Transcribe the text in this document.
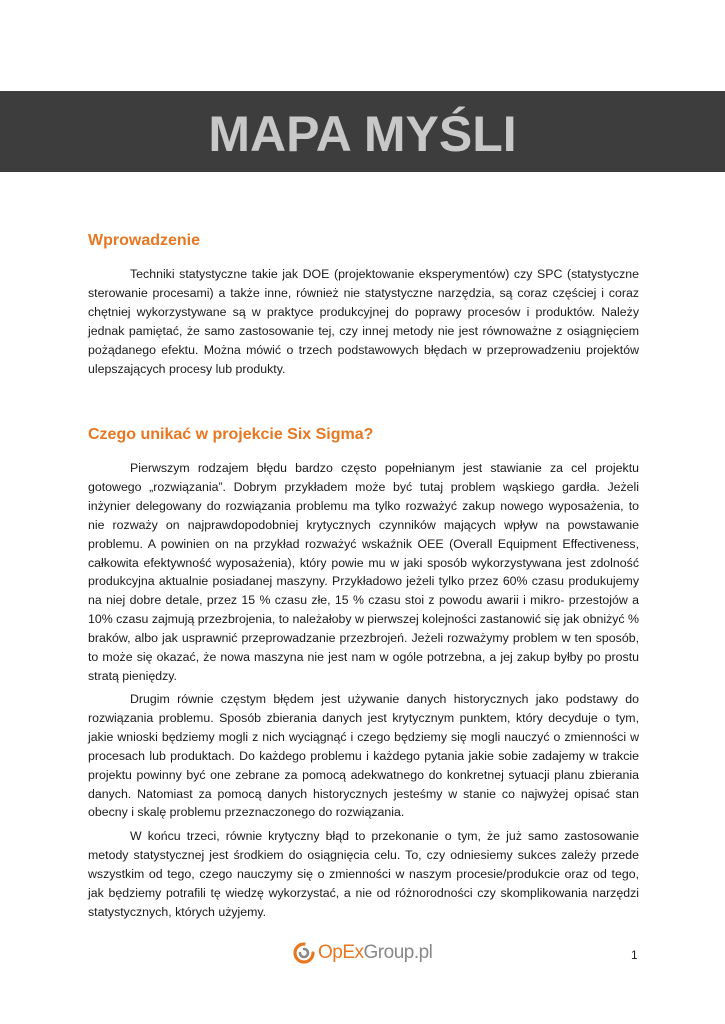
MAPA MYŚLI
Wprowadzenie

Techniki statystyczne takie jak DOE (projektowanie eksperymentów) czy SPC (statystyczne sterowanie procesami) a także inne, również nie statystyczne narzędzia, są coraz częściej i coraz chętniej wykorzystywane są w praktyce produkcyjnej do poprawy procesów i produktów. Należy jednak pamiętać, że samo zastosowanie tej, czy innej metody nie jest równoważne z osiągnięciem pożądanego efektu. Można mówić o trzech podstawowych błędach w przeprowadzeniu projektów ulepszających procesy lub produkty.

Czego unikać w projekcie Six Sigma?

Pierwszym rodzajem błędu bardzo często popełnianym jest stawianie za cel projektu gotowego „rozwiązania”. Dobrym przykładem może być tutaj problem wąskiego gardła. Jeżeli inżynier delegowany do rozwiązania problemu ma tylko rozważyć zakup nowego wyposażenia, to nie rozważy on najprawdopodobniej krytycznych czynników mających wpływ na powstawanie problemu. A powinien on na przykład rozważyć wskaźnik OEE (Overall Equipment Effectiveness, całkowita efektywność wyposażenia), który powie mu w jaki sposób wykorzystywana jest zdolność produkcyjna aktualnie posiadanej maszyny. Przykładowo jeżeli tylko przez 60% czasu produkujemy na niej dobre detale, przez 15 % czasu złe, 15 % czasu stoi z powodu awarii i mikro- przestojów a 10% czasu zajmują przezbrojenia, to należałoby w pierwszej kolejności zastanowić się jak obniżyć % braków, albo jak usprawnić przeprowadzanie przezbrojeń. Jeżeli rozważymy problem w ten sposób, to może się okazać, że nowa maszyna nie jest nam w ogóle potrzebna, a jej zakup byłby po prostu stratą pieniędzy.

Drugim równie częstym błędem jest używanie danych historycznych jako podstawy do rozwiązania problemu. Sposób zbierania danych jest krytycznym punktem, który decyduje o tym, jakie wnioski będziemy mogli z nich wyciągnąć i czego będziemy się mogli nauczyć o zmienności w procesach lub produktach. Do każdego problemu i każdego pytania jakie sobie zadajemy w trakcie projektu powinny być one zebrane za pomocą adekwatnego do konkretnej sytuacji planu zbierania danych. Natomiast za pomocą danych historycznych jesteśmy w stanie co najwyżej opisać stan obecny i skalę problemu przeznaczonego do rozwiązania.

W końcu trzeci, równie krytyczny błąd to przekonanie o tym, że już samo zastosowanie metody statystycznej jest środkiem do osiągnięcia celu. To, czy odniesiemy sukces zależy przede wszystkim od tego, czego nauczymy się o zmienności w naszym procesie/produkcie oraz od tego, jak będziemy potrafili tę wiedzę wykorzystać, a nie od różnorodności czy skomplikowania narzędzi statystycznych, których użyjemy.

OpExGroup.pl	1
